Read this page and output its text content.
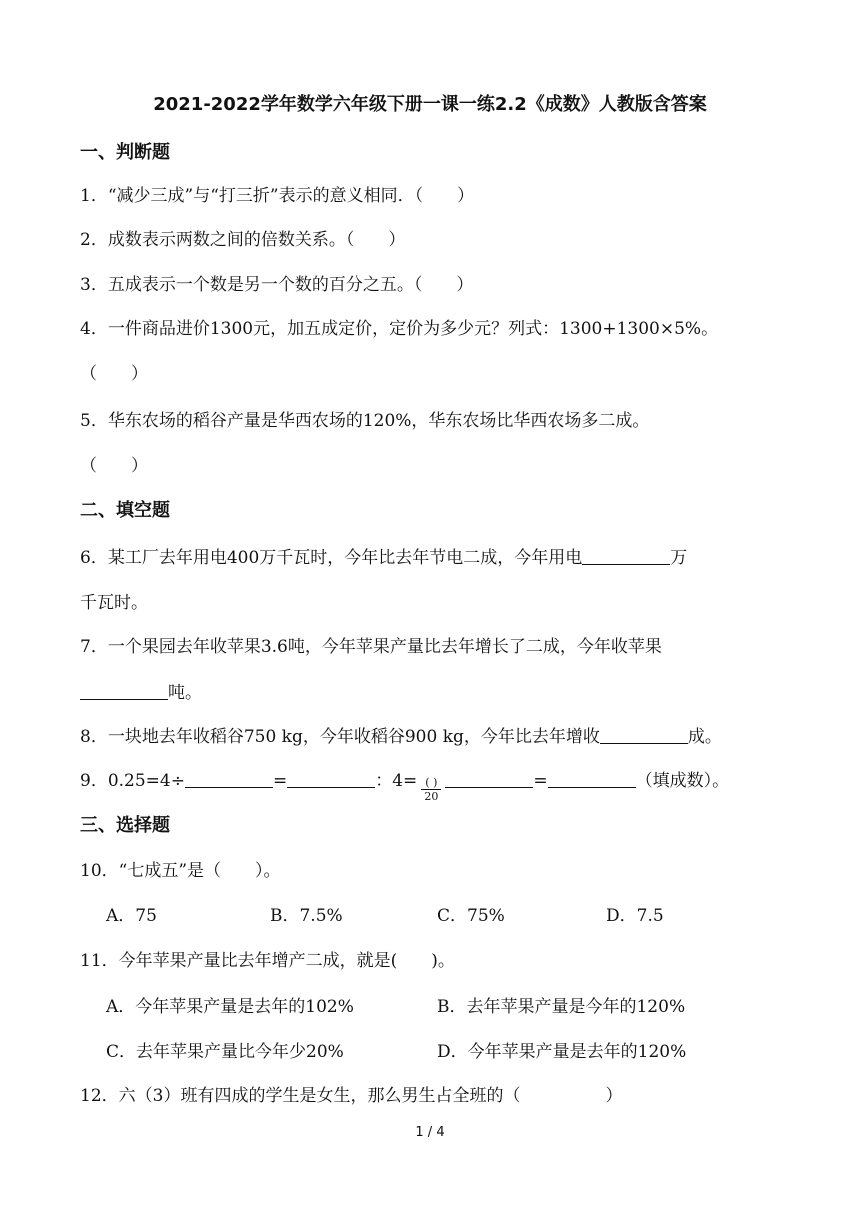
2021-2022学年数学六年级下册一课一练2.2《成数》人教版含答案
一、判断题
1．“减少三成”与“打三折”表示的意义相同．（　　）
2．成数表示两数之间的倍数关系。（　　）
3．五成表示一个数是另一个数的百分之五。（　　）
4．一件商品进价1300元，加五成定价，定价为多少元？列式：1300+1300×5%。
（　　）
5．华东农场的稻谷产量是华西农场的120%，华东农场比华西农场多二成。
（　　）
二、填空题
6．某工厂去年用电400万千瓦时，今年比去年节电二成，今年用电	万
千瓦时。
7．一个果园去年收苹果3.6吨，今年苹果产量比去年增长了二成，今年收苹果
吨。
8．一块地去年收稻谷750 kg，今年收稻谷900 kg，今年比去年增收	成。
9．0.25=4÷	=	：$4= \frac{( )}{20}$	=	（填成数）。
三、选择题
10．“七成五”是（　　）。
A．75	B．7.5%	C．75%	D．7.5
11．今年苹果产量比去年增产二成，就是(　　)。
A．今年苹果产量是去年的102%	B．去年苹果产量是今年的120%
C．去年苹果产量比今年少20%	D．今年苹果产量是去年的120%
12．六（3）班有四成的学生是女生，那么男生占全班的（　　　　　）
1 / 4
